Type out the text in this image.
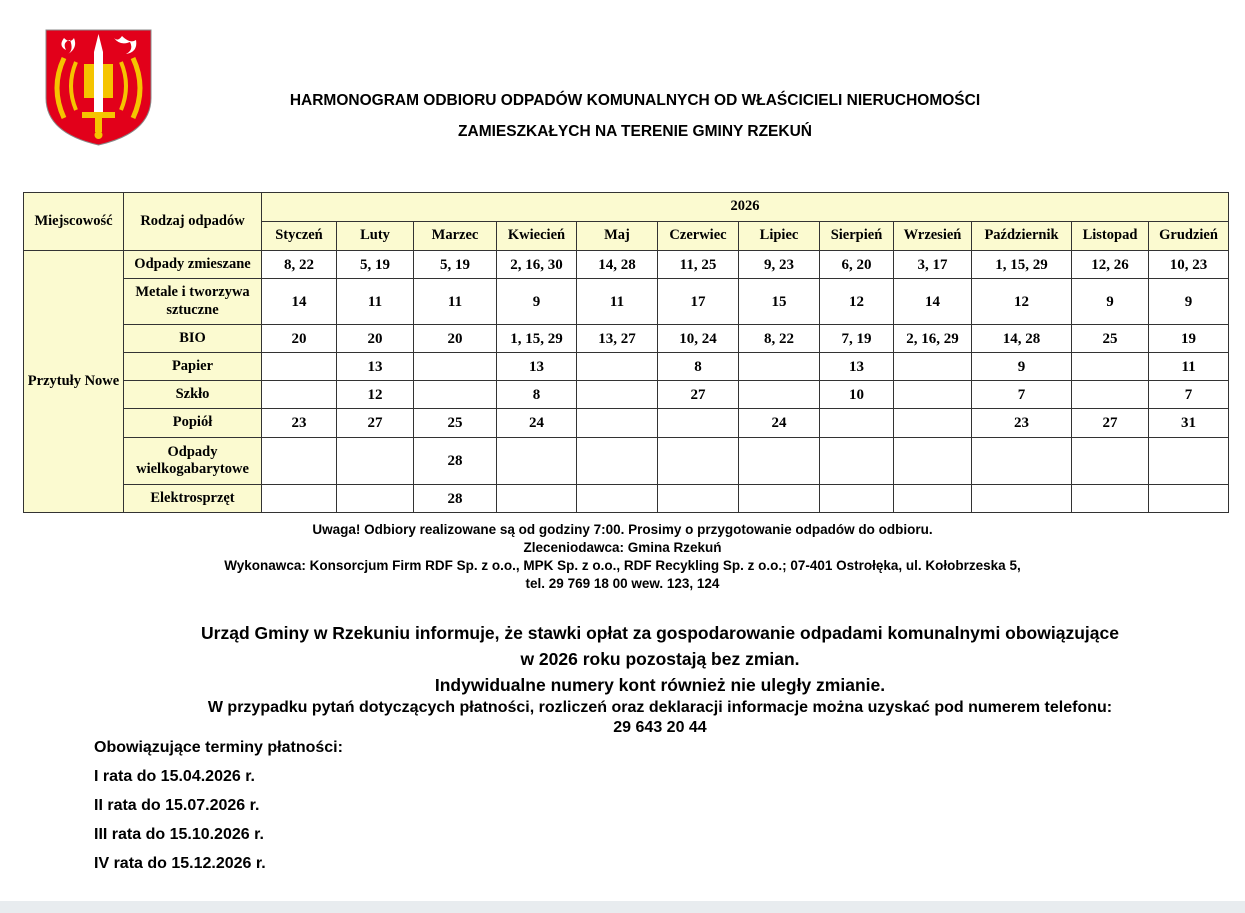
HARMONOGRAM ODBIORU ODPADÓW KOMUNALNYCH OD WŁAŚCICIELI NIERUCHOMOŚCI
ZAMIESZKAŁYCH NA TERENIE GMINY RZEKUŃ
Miejscowość	Rodzaj odpadów	2026											
		Styczeń	Luty	Marzec	Kwiecień	Maj	Czerwiec	Lipiec	Sierpień	Wrzesień	Październik	Listopad	Grudzień
Przytuły Nowe	Odpady zmieszane	8, 22	5, 19	5, 19	2, 16, 30	14, 28	11, 25	9, 23	6, 20	3, 17	1, 15, 29	12, 26	10, 23
	Metale i tworzywa sztuczne	14	11	11	9	11	17	15	12	14	12	9	9
	BIO	20	20	20	1, 15, 29	13, 27	10, 24	8, 22	7, 19	2, 16, 29	14, 28	25	19
	Papier		13		13		8		13		9		11
	Szkło		12		8		27		10		7		7
	Popiół	23	27	25	24			24			23	27	31
	Odpady wielkogabarytowe			28									
	Elektrosprzęt			28									
Uwaga! Odbiory realizowane są od godziny 7:00. Prosimy o przygotowanie odpadów do odbioru.
Zleceniodawca: Gmina Rzekuń
Wykonawca: Konsorcjum Firm RDF Sp. z o.o., MPK Sp. z o.o., RDF Recykling Sp. z o.o.; 07-401 Ostrołęka, ul. Kołobrzeska 5,
tel. 29 769 18 00 wew. 123, 124
Urząd Gminy w Rzekuniu informuje, że stawki opłat za gospodarowanie odpadami komunalnymi obowiązujące
w 2026 roku pozostają bez zmian.
Indywidualne numery kont również nie uległy zmianie.
W przypadku pytań dotyczących płatności, rozliczeń oraz deklaracji informacje można uzyskać pod numerem telefonu:
29 643 20 44
Obowiązujące terminy płatności:
I rata do 15.04.2026 r.
II rata do 15.07.2026 r.
III rata do 15.10.2026 r.
IV rata do 15.12.2026 r.
